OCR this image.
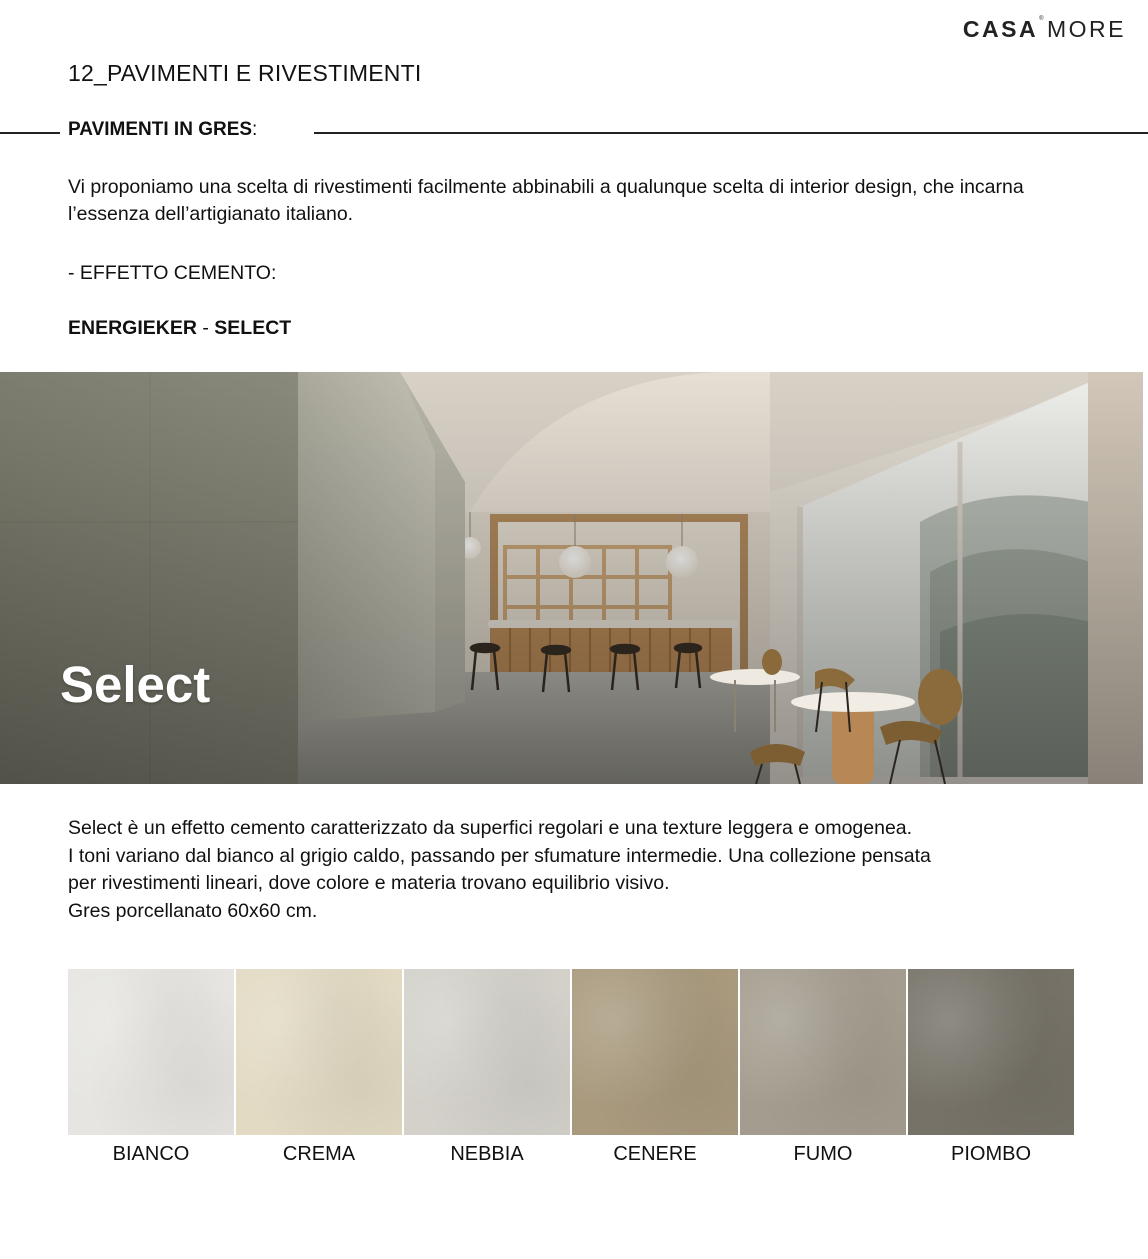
CASA®MORE
12_PAVIMENTI E RIVESTIMENTI
PAVIMENTI IN GRES:
Vi proponiamo una scelta di rivestimenti facilmente abbinabili a qualunque scelta di interior design, che incarna l’essenza dell’artigianato italiano.
- EFFETTO CEMENTO:
ENERGIEKER - SELECT
Select
Select è un effetto cemento caratterizzato da superfici regolari e una texture leggera e omogenea.
I toni variano dal bianco al grigio caldo, passando per sfumature intermedie. Una collezione pensata
per rivestimenti lineari, dove colore e materia trovano equilibrio visivo.
Gres porcellanato 60x60 cm.
BIANCO	CREMA	NEBBIA	CENERE	FUMO	PIOMBO
